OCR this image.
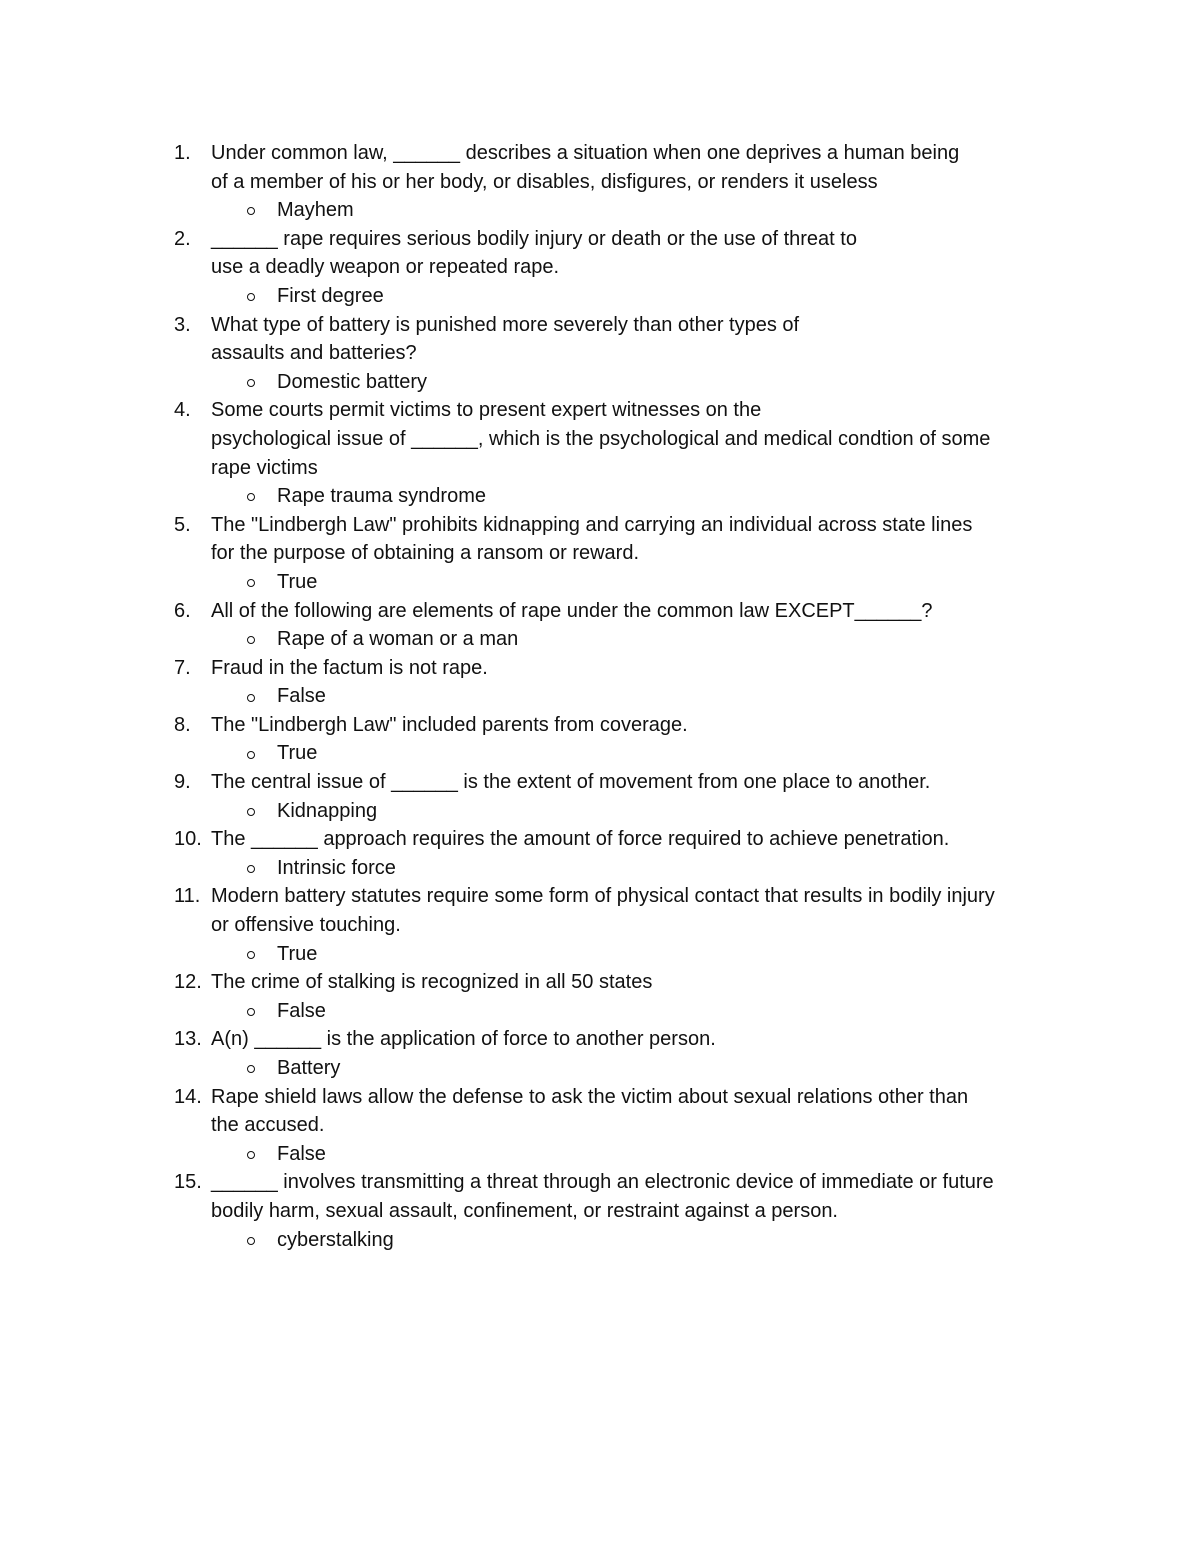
1.	Under common law, ______ describes a situation when one deprives a human being
of a member of his or her body, or disables, disfigures, or renders it useless
Mayhem
2.	______ rape requires serious bodily injury or death or the use of threat to
use a deadly weapon or repeated rape.
First degree
3.	What type of battery is punished more severely than other types of
assaults and batteries?
Domestic battery
4.	Some courts permit victims to present expert witnesses on the
psychological issue of ______, which is the psychological and medical condtion of some
rape victims
Rape trauma syndrome
5.	The "Lindbergh Law" prohibits kidnapping and carrying an individual across state lines
for the purpose of obtaining a ransom or reward.
True
6.	All of the following are elements of rape under the common law EXCEPT______?
Rape of a woman or a man
7.	Fraud in the factum is not rape.
False
8.	The "Lindbergh Law" included parents from coverage.
True
9.	The central issue of ______ is the extent of movement from one place to another.
Kidnapping
10. The ______ approach requires the amount of force required to achieve penetration.
Intrinsic force
11. Modern battery statutes require some form of physical contact that results in bodily injury
or offensive touching.
True
12. The crime of stalking is recognized in all 50 states
False
13. A(n) ______ is the application of force to another person.
Battery
14. Rape shield laws allow the defense to ask the victim about sexual relations other than
the accused.
False
15. ______ involves transmitting a threat through an electronic device of immediate or future
bodily harm, sexual assault, confinement, or restraint against a person.
cyberstalking
